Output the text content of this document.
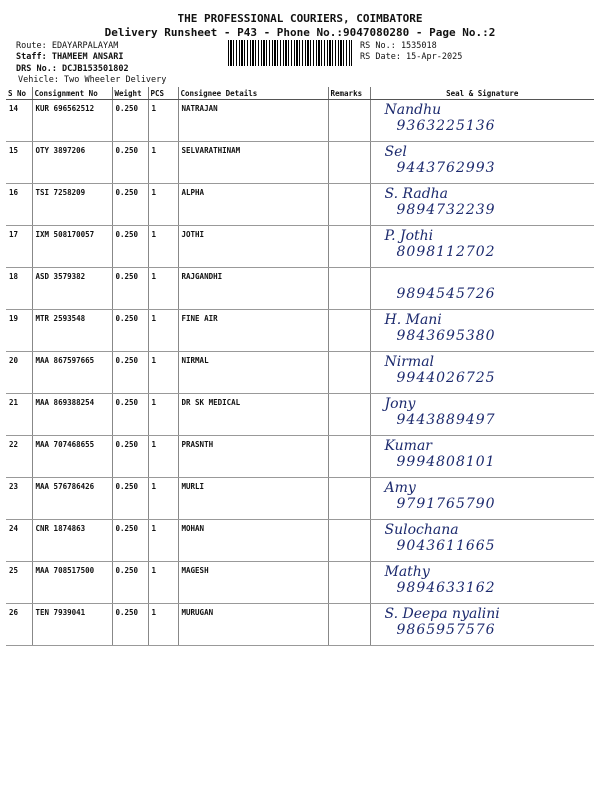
THE PROFESSIONAL COURIERS, COIMBATORE
Delivery Runsheet - P43 - Phone No.:9047080280 - Page No.:2
Route: EDAYARPALAYAM
Staff: THAMEEM ANSARI
DRS No.: DCJB153501802
Vehicle: Two Wheeler Delivery
RS No.: 1535018
RS Date: 15-Apr-2025
S No	Consignment No	Weight	PCS	Consignee Details	Remarks	Seal & Signature
14	KUR 696562512	0.250	1	NATRAJAN		Nandhu
9363225136

15	OTY 3897206	0.250	1	SELVARATHINAM		Sel
9443762993

16	TSI 7258209	0.250	1	ALPHA		S. Radha
9894732239

17	IXM 508170057	0.250	1	JOTHI		P. Jothi
8098112702

18	ASD 3579382	0.250	1	RAJGANDHI		9894545726

19	MTR 2593548	0.250	1	FINE AIR		H. Mani
9843695380

20	MAA 867597665	0.250	1	NIRMAL		Nirmal
9944026725

21	MAA 869388254	0.250	1	DR SK MEDICAL		Jony
9443889497

22	MAA 707468655	0.250	1	PRASNTH		Kumar
9994808101

23	MAA 576786426	0.250	1	MURLI		Amy
9791765790

24	CNR 1874863	0.250	1	MOHAN		Sulochana
9043611665

25	MAA 708517500	0.250	1	MAGESH		Mathy
9894633162

26	TEN 7939041	0.250	1	MURUGAN		S. Deepa nyalini
9865957576
